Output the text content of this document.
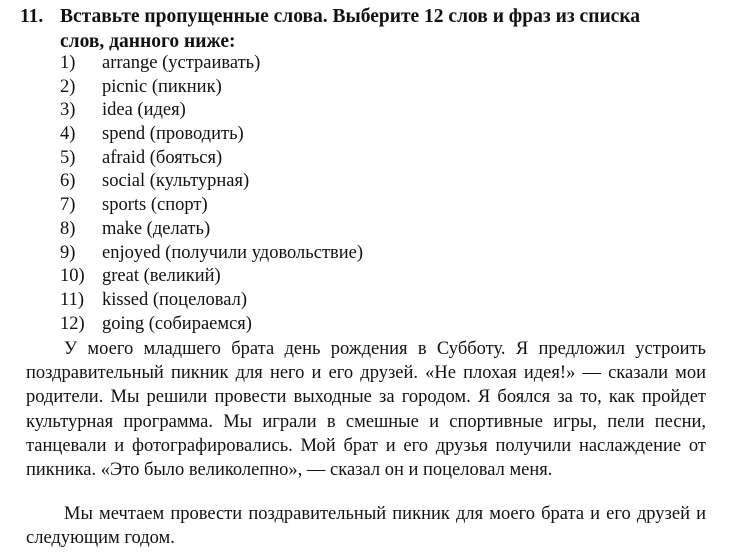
11. Вставьте пропущенные слова. Выберите 12 слов и фраз из списка
слов, данного ниже:
1) arrange (устраивать)
2) picnic (пикник)
3) idea (идея)
4) spend (проводить)
5) afraid (бояться)
6) social (культурная)
7) sports (спорт)
8) make (делать)
9) enjoyed (получили удовольствие)
10) great (великий)
11) kissed (поцеловал)
12) going (собираемся)

У моего младшего брата день рождения в Субботу. Я предложил устроить поздравительный пикник для него и его друзей. «Не плохая идея!» — сказали мои родители. Мы решили провести выходные за городом. Я боялся за то, как пройдет культурная программа. Мы играли в смешные и спортивные игры, пели песни, танцевали и фотографировались. Мой брат и его друзья получили наслаждение от пикника. «Это было великолепно», — сказал он и поцеловал меня.

Мы мечтаем провести поздравительный пикник для моего брата и его друзей и следующим годом.
